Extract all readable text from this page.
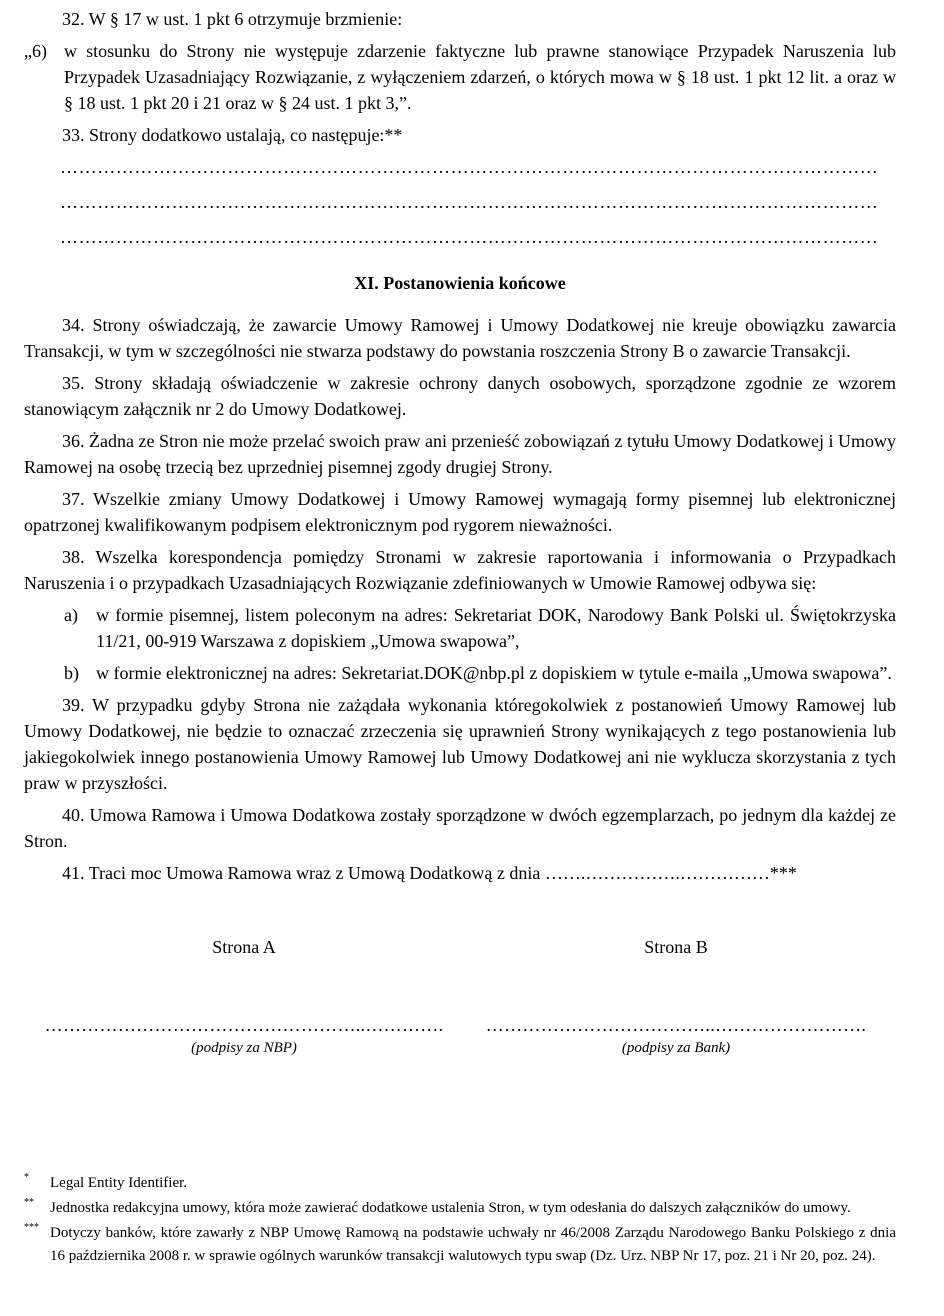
32. W § 17 w ust. 1 pkt 6 otrzymuje brzmienie:

„6) w stosunku do Strony nie występuje zdarzenie faktyczne lub prawne stanowiące Przypadek Naruszenia lub Przypadek Uzasadniający Rozwiązanie, z wyłączeniem zdarzeń, o których mowa w § 18 ust. 1 pkt 12 lit. a oraz w § 18 ust. 1 pkt 20 i 21 oraz w § 24 ust. 1 pkt 3,”.

33. Strony dodatkowo ustalają, co następuje:**

……………………………………………………………………………………………………………………
……………………………………………………………………………………………………………………
……………………………………………………………………………………………………………………
XI. Postanowienia końcowe

34. Strony oświadczają, że zawarcie Umowy Ramowej i Umowy Dodatkowej nie kreuje obowiązku zawarcia Transakcji, w tym w szczególności nie stwarza podstawy do powstania roszczenia Strony B o zawarcie Transakcji.

35. Strony składają oświadczenie w zakresie ochrony danych osobowych, sporządzone zgodnie ze wzorem stanowiącym załącznik nr 2 do Umowy Dodatkowej.

36. Żadna ze Stron nie może przelać swoich praw ani przenieść zobowiązań z tytułu Umowy Dodatkowej i Umowy Ramowej na osobę trzecią bez uprzedniej pisemnej zgody drugiej Strony.

37. Wszelkie zmiany Umowy Dodatkowej i Umowy Ramowej wymagają formy pisemnej lub elektronicznej opatrzonej kwalifikowanym podpisem elektronicznym pod rygorem nieważności.

38. Wszelka korespondencja pomiędzy Stronami w zakresie raportowania i informowania o Przypadkach Naruszenia i o przypadkach Uzasadniających Rozwiązanie zdefiniowanych w Umowie Ramowej odbywa się:

a)	w formie pisemnej, listem poleconym na adres: Sekretariat DOK, Narodowy Bank Polski ul. Świętokrzyska 11/21, 00-919 Warszawa z dopiskiem „Umowa swapowa”,
b) w formie elektronicznej na adres: Sekretariat.DOK@nbp.pl z dopiskiem w tytule e-maila „Umowa swapowa”.

39. W przypadku gdyby Strona nie zażądała wykonania któregokolwiek z postanowień Umowy Ramowej lub Umowy Dodatkowej, nie będzie to oznaczać zrzeczenia się uprawnień Strony wynikających z tego postanowienia lub jakiegokolwiek innego postanowienia Umowy Ramowej lub Umowy Dodatkowej ani nie wyklucza skorzystania z tych praw w przyszłości.

40. Umowa Ramowa i Umowa Dodatkowa zostały sporządzone w dwóch egzemplarzach, po jednym dla każdej ze Stron.

41. Traci moc Umowa Ramowa wraz z Umową Dodatkową z dnia …….…………….……………***

Strona A
……………………………………………..………….
(podpisy za NBP)
Strona B
………………………………..…………………….
(podpisy za Bank)
*	Legal Entity Identifier.
**	Jednostka redakcyjna umowy, która może zawierać dodatkowe ustalenia Stron, w tym odesłania do dalszych załączników do umowy.
*** Dotyczy banków, które zawarły z NBP Umowę Ramową na podstawie uchwały nr 46/2008 Zarządu Narodowego Banku Polskiego z dnia 16 października 2008 r. w sprawie ogólnych warunków transakcji walutowych typu swap (Dz. Urz. NBP Nr 17, poz. 21 i Nr 20, poz. 24).
